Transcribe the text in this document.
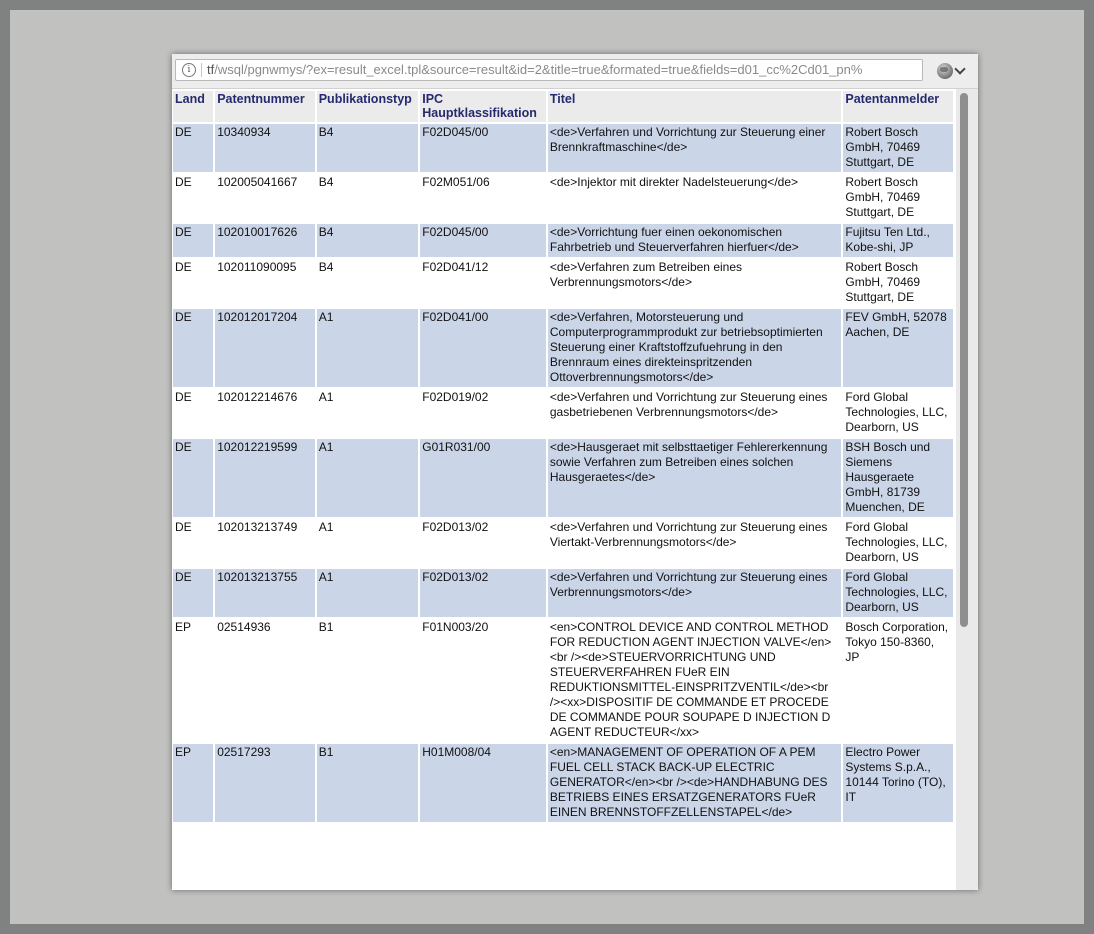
i	tf/wsql/pgnwmys/?ex=result_excel.tpl&source=result&id=2&title=true&formated=true&fields=d01_cc%2Cd01_pn%
Land	Patentnummer	Publikationstyp	IPC Hauptklassifikation	Titel	Patentanmelder
DE	10340934	B4	F02D045/00	<de>Verfahren und Vorrichtung zur Steuerung einer Brennkraftmaschine</de>	Robert Bosch GmbH, 70469 Stuttgart, DE
DE	102005041667	B4	F02M051/06	<de>Injektor mit direkter Nadelsteuerung</de>	Robert Bosch GmbH, 70469 Stuttgart, DE
DE	102010017626	B4	F02D045/00	<de>Vorrichtung fuer einen oekonomischen Fahrbetrieb und Steuerverfahren hierfuer</de>	Fujitsu Ten Ltd., Kobe-shi, JP
DE	102011090095	B4	F02D041/12	<de>Verfahren zum Betreiben eines Verbrennungsmotors</de>	Robert Bosch GmbH, 70469 Stuttgart, DE
DE	102012017204	A1	F02D041/00	<de>Verfahren, Motorsteuerung und Computerprogrammprodukt zur betriebsoptimierten Steuerung einer Kraftstoffzufuehrung in den Brennraum eines direkteinspritzenden Ottoverbrennungsmotors</de>	FEV GmbH, 52078 Aachen, DE
DE	102012214676	A1	F02D019/02	<de>Verfahren und Vorrichtung zur Steuerung eines gasbetriebenen Verbrennungsmotors</de>	Ford Global Technologies, LLC, Dearborn, US
DE	102012219599	A1	G01R031/00	<de>Hausgeraet mit selbsttaetiger Fehlererkennung sowie Verfahren zum Betreiben eines solchen Hausgeraetes</de>	BSH Bosch und Siemens Hausgeraete GmbH, 81739 Muenchen, DE
DE	102013213749	A1	F02D013/02	<de>Verfahren und Vorrichtung zur Steuerung eines Viertakt-Verbrennungsmotors</de>	Ford Global Technologies, LLC, Dearborn, US
DE	102013213755	A1	F02D013/02	<de>Verfahren und Vorrichtung zur Steuerung eines Verbrennungsmotors</de>	Ford Global Technologies, LLC, Dearborn, US
EP	02514936	B1	F01N003/20	<en>CONTROL DEVICE AND CONTROL METHOD FOR REDUCTION AGENT INJECTION VALVE</en><br /><de>STEUERVORRICHTUNG UND STEUERVERFAHREN FUeR EIN REDUKTIONSMITTEL-EINSPRITZVENTIL</de><br /><xx>DISPOSITIF DE COMMANDE ET PROCEDE DE COMMANDE POUR SOUPAPE D INJECTION D AGENT REDUCTEUR</xx>	Bosch Corporation, Tokyo 150-8360, JP
EP	02517293	B1	H01M008/04	<en>MANAGEMENT OF OPERATION OF A PEM FUEL CELL STACK BACK-UP ELECTRIC GENERATOR</en><br /><de>HANDHABUNG DES BETRIEBS EINES ERSATZGENERATORS FUeR EINEN BRENNSTOFFZELLENSTAPEL</de>	Electro Power Systems S.p.A., 10144 Torino (TO), IT
